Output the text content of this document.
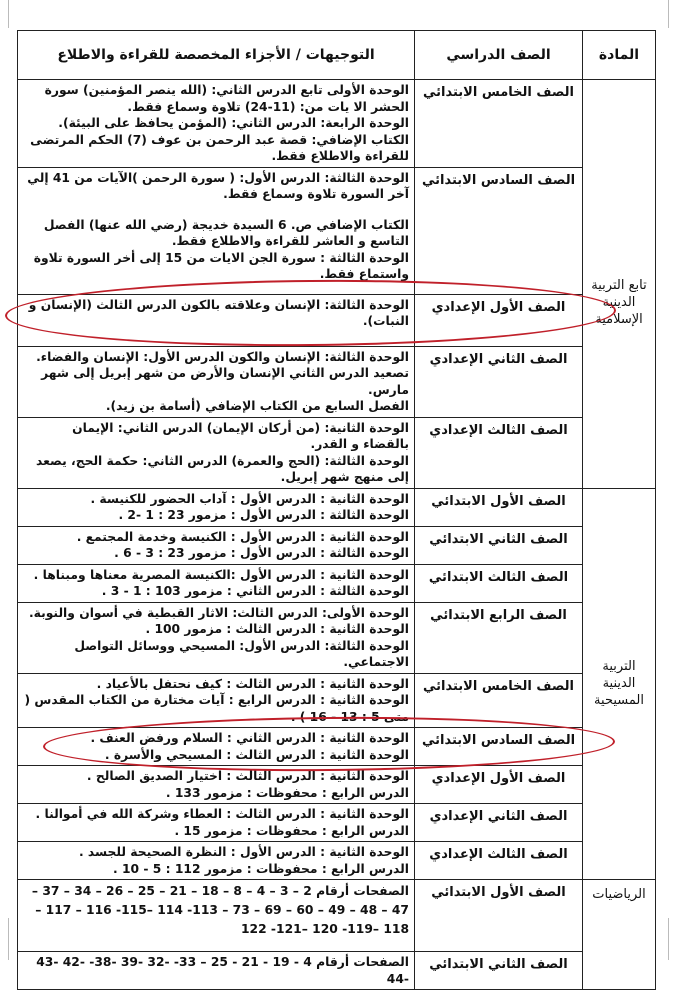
المادة	الصف الدراسي	التوجيهات / الأجزاء المخصصة للقراءة والاطلاع
تابع التربية الدينية الإسلامية	الصف الخامس الابتدائي	الوحدة الأولى تابع الدرس الثاني: (الله ينصر المؤمنين) سورة الحشر الا يات من: (11-24) تلاوة وسماع فقط.
الوحدة الرابعة: الدرس الثاني: (المؤمن يحافظ على البيئة).
الكتاب الإضافي: قصة عبد الرحمن بن عوف (7) الحكم المرتضى للقراءة والاطلاع فقط.

	الصف السادس الابتدائي	الوحدة الثالثة: الدرس الأول: ( سورة الرحمن )الآيات من 41 إلي آخر السورة تلاوة وسماع فقط.
الكتاب الإضافي ص. 6 السيدة خديجة (رضي الله عنها) الفصل التاسع و العاشر للقراءة والاطلاع فقط.
الوحدة الثالثة : سورة الجن الايات من 15 إلى أخر السورة تلاوة واستماع فقط.

	الصف الأول الإعدادي	الوحدة الثالثة: الإنسان وعلاقته بالكون الدرس الثالث (الإنسان و النبات).

	الصف الثاني الإعدادي	الوحدة الثالثة: الإنسان والكون الدرس الأول: الإنسان والفضاء.
تصعيد الدرس الثاني الإنسان والأرض من شهر إبريل إلى شهر مارس.
الفصل السابع من الكتاب الإضافي (أسامة بن زيد).

	الصف الثالث الإعدادي	الوحدة الثانية: (من أركان الإيمان) الدرس الثاني: الإيمان بالقضاء و القدر.
الوحدة الثالثة: (الحج والعمرة) الدرس الثاني: حكمة الحج، يصعد إلى منهج شهر إبريل.

التربية الدينية المسيحية	الصف الأول الابتدائي	الوحدة الثانية : الدرس الأول : آداب الحضور للكنيسة .
الوحدة الثالثة : الدرس الأول : مزمور 23 : 1 -2 .

	الصف الثاني الابتدائي	الوحدة الثانية : الدرس الأول : الكنيسة وخدمة المجتمع .
الوحدة الثالثة : الدرس الأول : مزمور 23 : 3 - 6 .

	الصف الثالث الابتدائي	الوحدة الثانية : الدرس الأول :الكنيسة المصرية معناها ومبناها .
الوحدة الثالثة : الدرس الثاني : مزمور 103 : 1 - 3 .

	الصف الرابع الابتدائي	الوحدة الأولى: الدرس الثالث: الاثار القبطية في أسوان والنوبة.
الوحدة الثانية : الدرس الثالث : مزمور 100 .
الوحدة الثالثة: الدرس الأول: المسيحي ووسائل التواصل الاجتماعي.

	الصف الخامس الابتدائي	الوحدة الثانية : الدرس الثالث : كيف نحتفل بالأعياد .
الوحدة الثانية : الدرس الرابع : آيات مختارة من الكتاب المقدس ( متى 5 : 13 - 16 ) .

	الصف السادس الابتدائي	الوحدة الثانية : الدرس الثاني : السلام ورفض العنف .
الوحدة الثانية : الدرس الثالث : المسيحي والأسرة .

	الصف الأول الإعدادي	الوحدة الثانية : الدرس الثالث : اختيار الصديق الصالح .
الدرس الرابع : محفوظات : مزمور 133 .

	الصف الثاني الإعدادي	الوحدة الثانية : الدرس الثالث : العطاء وشركة الله في أموالنا .
الدرس الرابع : محفوظات : مزمور 15 .

	الصف الثالث الإعدادي	الوحدة الثانية : الدرس الأول : النظرة الصحيحة للجسد .
الدرس الرابع : محفوظات : مزمور 112 : 5 - 10 .

الرياضيات	الصف الأول الابتدائي	الصفحات أرقام 2 – 3 – 4 – 8 – 18 – 21 – 25 – 26 – 34 – 37 – 47 – 48 – 49 – 60 – 69 – 73 – 113- 114 –115- 116 – 117 – 118 –119- 120 –121- 122

	الصف الثاني الابتدائي	الصفحات أرقام 4 - 19 - 21 - 25 – 33- -32 -39 -38- -42 -43 -44
